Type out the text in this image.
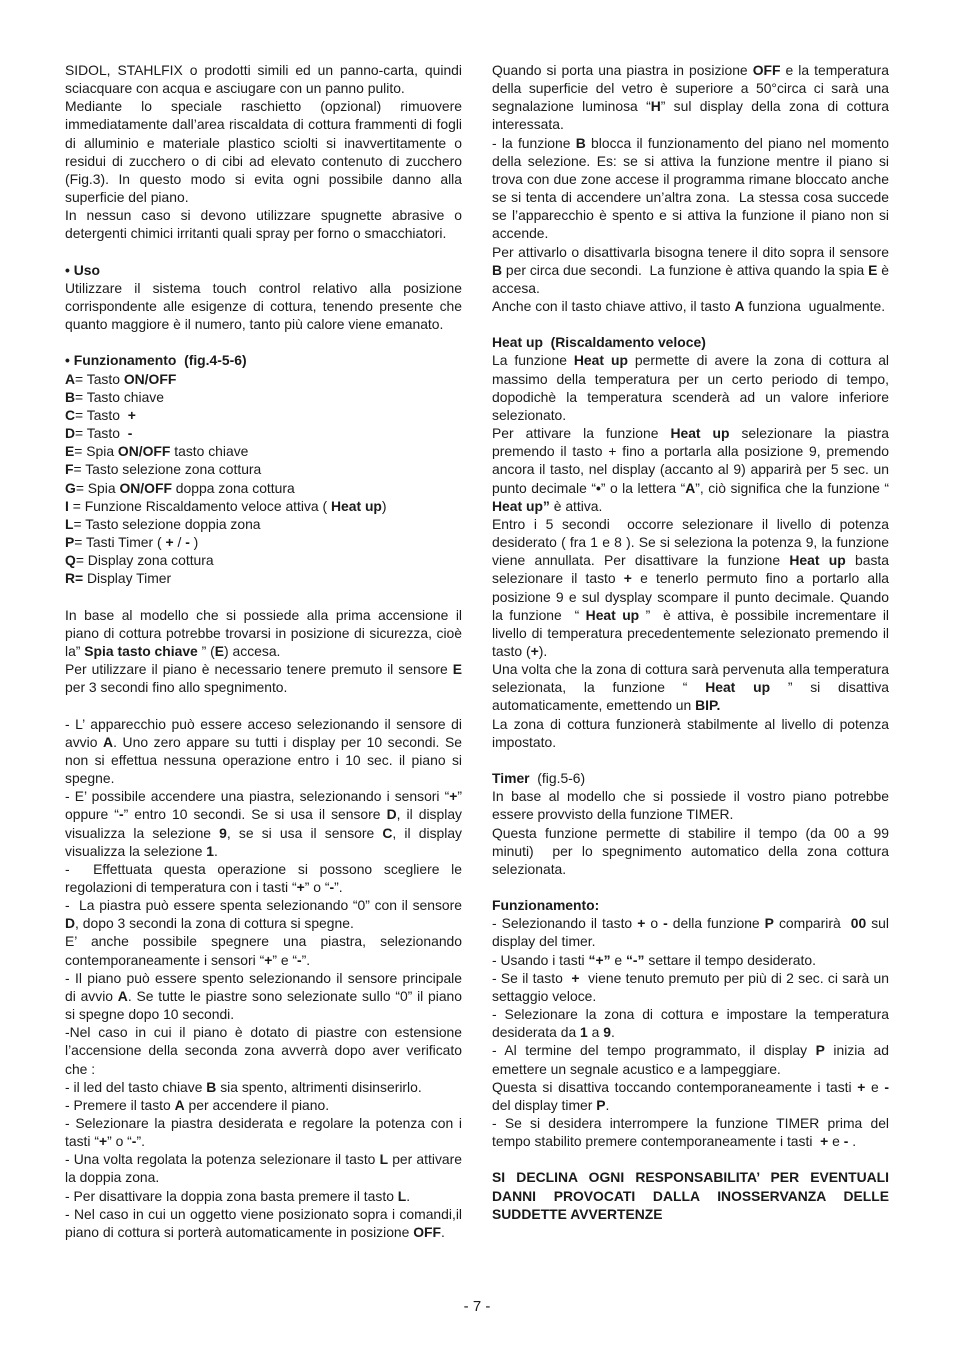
SIDOL, STAHLFIX o prodotti simili ed un panno-carta, quindi sciacquare con acqua e asciugare con un panno pulito.

Mediante lo speciale raschietto (opzional) rimuovere immediatamente dall’area riscaldata di cottura frammenti di fogli di alluminio e materiale plastico sciolti si inavvertitamente o residui di zucchero o di cibi ad elevato contenuto di zucchero (Fig.3). In questo modo si evita ogni possibile danno alla superficie del piano.

In nessun caso si devono utilizzare spugnette abrasive o detergenti chimici irritanti quali spray per forno o smacchiatori.

• Uso

Utilizzare il sistema touch control relativo alla posizione corrispondente alle esigenze di cottura, tenendo presente che quanto maggiore è il numero, tanto più calore viene emanato.

• Funzionamento  (fig.4-5-6)

A= Tasto ON/OFF

B= Tasto chiave

C= Tasto  +

D= Tasto  -

E= Spia ON/OFF tasto chiave

F= Tasto selezione zona cottura

G= Spia ON/OFF doppa zona cottura

I = Funzione Riscaldamento veloce attiva ( Heat up)

L= Tasto selezione doppia zona

P= Tasti Timer ( + / - )

Q= Display zona cottura

R= Display Timer

In base al modello che si possiede alla prima accensione il piano di cottura potrebbe trovarsi in posizione di sicurezza, cioè la” Spia tasto chiave ” (E) accesa.

Per utilizzare il piano è necessario tenere premuto il sensore E  per 3 secondi fino allo spegnimento.

- L’ apparecchio può essere acceso selezionando il sensore di avvio A. Uno zero appare su tutti i display per 10 secondi. Se non si effettua nessuna operazione entro i 10 sec. il piano si spegne.

- E’ possibile accendere una piastra, selezionando i sensori “+” oppure “-” entro 10 secondi. Se si usa il sensore D, il display visualizza la selezione 9, se si usa il sensore C, il display visualizza la selezione 1.

-  Effettuata questa operazione si possono scegliere le regolazioni di temperatura con i tasti “+” o “-”.

-  La piastra può essere spenta selezionando “0” con il sensore D, dopo 3 secondi la zona di cottura si spegne.

E’ anche possibile spegnere una piastra, selezionando  contemporaneamente i sensori “+” e “-”.

- Il piano può essere spento selezionando il sensore principale di avvio A. Se tutte le piastre sono selezionate sullo “0” il piano si spegne dopo 10 secondi.

-Nel caso in cui il piano è dotato di piastre con estensione l’accensione della seconda zona avverrà dopo aver verificato che :

- il led del tasto chiave B sia spento, altrimenti disinserirlo.

- Premere il tasto A per accendere il piano.

- Selezionare la piastra desiderata e regolare la potenza con i tasti “+” o “-”.

- Una volta regolata la potenza selezionare il tasto L per attivare la doppia zona.

- Per disattivare la doppia zona basta premere il tasto L.

- Nel caso in cui un oggetto viene posizionato sopra i comandi,il piano di cottura si porterà automaticamente in posizione OFF.

Quando si porta una piastra in posizione OFF e la temperatura della superficie del vetro è superiore a 50°circa ci sarà una segnalazione luminosa “H” sul display della zona di cottura interessata.

- la funzione B blocca il funzionamento del piano nel momento della selezione. Es: se si attiva la funzione mentre il piano si trova con due zone accese il programma rimane bloccato anche se si tenta di accendere un’altra zona.  La stessa cosa succede se l’apparecchio è spento e si attiva la funzione il piano non si accende.

Per attivarlo o disattivarla bisogna tenere il dito sopra il sensore B per circa due secondi.  La funzione è attiva quando la spia E è accesa.

Anche con il tasto chiave attivo, il tasto A funziona  ugualmente.

Heat up  (Riscaldamento veloce)

La funzione Heat up permette di avere la zona di cottura al massimo della temperatura per un certo periodo di tempo, dopodichè la temperatura scenderà ad un valore inferiore selezionato.

Per attivare la funzione Heat up selezionare la piastra premendo il tasto + fino a portarla alla posizione 9, premendo ancora il tasto, nel display (accanto al 9) apparirà per 5 sec. un punto decimale “•” o la lettera “A”, ciò significa che la funzione “ Heat up” è attiva.

Entro i 5 secondi  occorre selezionare il livello di potenza desiderato ( fra 1 e 8 ). Se si seleziona la potenza 9, la funzione viene annullata. Per disattivare la funzione Heat up basta selezionare il tasto + e tenerlo permuto fino a portarlo alla posizione 9 e sul dysplay scompare il punto decimale. Quando la funzione  “ Heat up ”  è attiva, è possibile incrementare il livello di temperatura precedentemente selezionato premendo il tasto (+).

Una volta che la zona di cottura sarà pervenuta alla temperatura selezionata, la funzione “ Heat up ” si disattiva automaticamente, emettendo un BIP.

La zona di cottura funzionerà stabilmente al livello di potenza impostato.

Timer  (fig.5-6)

In base al modello che si possiede il vostro piano potrebbe essere provvisto della funzione TIMER.

Questa funzione permette di stabilire il tempo (da 00 a 99 minuti)  per lo spegnimento automatico della zona cottura selezionata.

Funzionamento:

- Selezionando il tasto + o - della funzione P comparirà  00 sul display del timer.

- Usando i tasti “+” e “-” settare il tempo desiderato.

- Se il tasto  +  viene tenuto premuto per più di 2 sec. ci sarà un settaggio veloce.

- Selezionare la zona di cottura e impostare la temperatura desiderata da 1 a 9.

- Al termine del tempo programmato, il display P inizia ad emettere un segnale acustico e a lampeggiare.

Questa si disattiva toccando contemporaneamente i tasti + e - del display timer P.

- Se si desidera interrompere la funzione TIMER prima del tempo stabilito premere contemporaneamente i tasti  + e - .

SI DECLINA OGNI RESPONSABILITA’ PER EVENTUALI DANNI PROVOCATI DALLA INOSSERVANZA DELLE SUDDETTE AVVERTENZE

- 7 -
